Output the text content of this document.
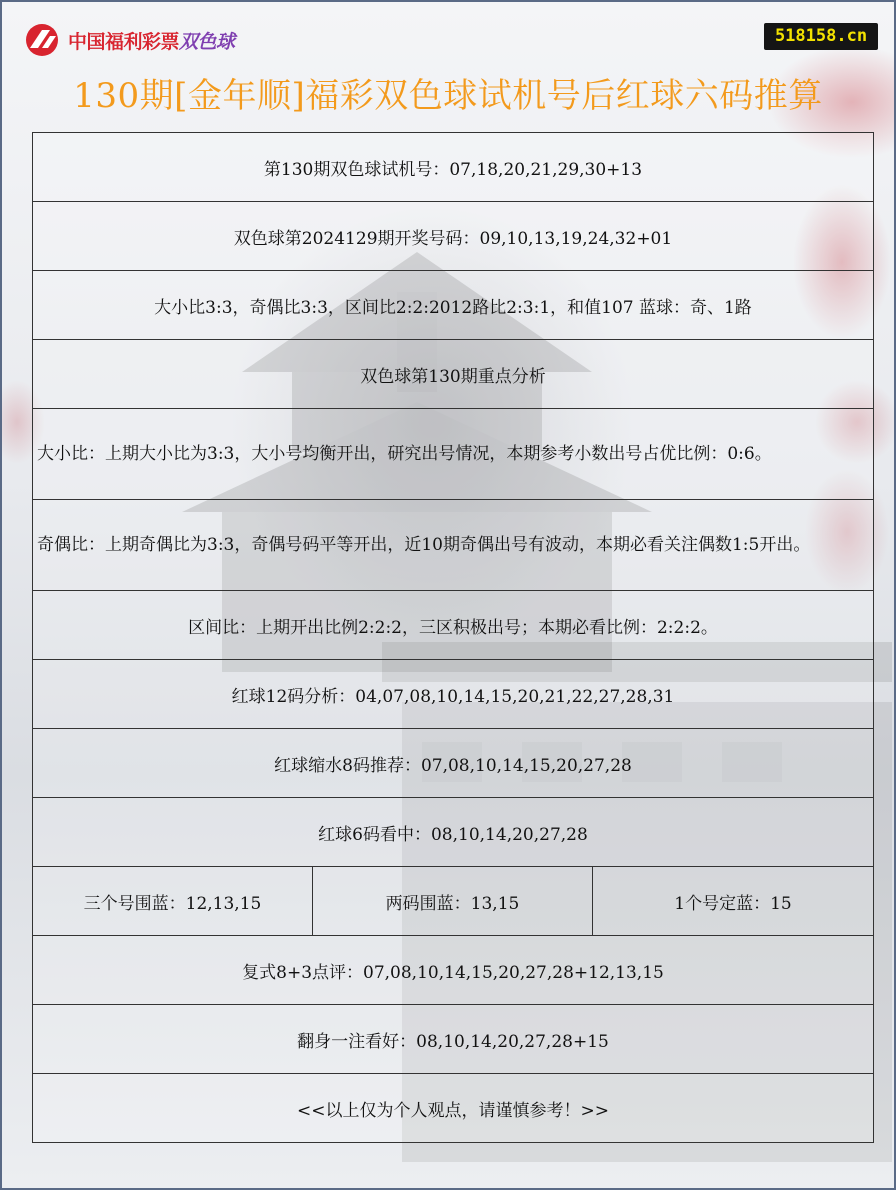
中国福利彩票 双色球	518158.cn
130期[金年顺]福彩双色球试机号后红球六码推算
第130期双色球试机号：07,18,20,21,29,30+13
双色球第2024129期开奖号码：09,10,13,19,24,32+01
大小比3:3，奇偶比3:3，区间比2:2:2012路比2:3:1，和值107 蓝球：奇、1路
双色球第130期重点分析
大小比：上期大小比为3:3，大小号均衡开出，研究出号情况，本期参考小数出号占优比例：0:6。
奇偶比：上期奇偶比为3:3，奇偶号码平等开出，近10期奇偶出号有波动，本期必看关注偶数1:5开出。
区间比：上期开出比例2:2:2，三区积极出号；本期必看比例：2:2:2。
红球12码分析：04,07,08,10,14,15,20,21,22,27,28,31
红球缩水8码推荐：07,08,10,14,15,20,27,28
红球6码看中：08,10,14,20,27,28
三个号围蓝：12,13,15	两码围蓝：13,15	1个号定蓝：15
复式8+3点评：07,08,10,14,15,20,27,28+12,13,15
翻身一注看好：08,10,14,20,27,28+15
<<以上仅为个人观点，请谨慎参考！>>
